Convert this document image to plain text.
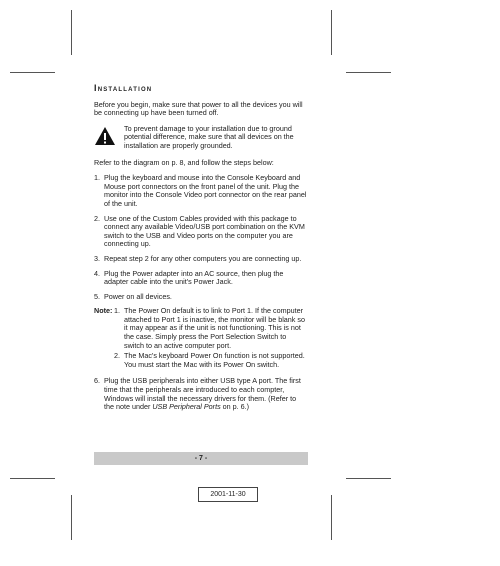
Installation

Before you begin, make sure that power to all the devices you will be connecting up have been turned off.

To prevent damage to your installation due to ground potential difference, make sure that all devices on the installation are properly grounded.

Refer to the diagram on p. 8, and follow the steps below:

1. Plug the keyboard and mouse into the Console Keyboard and Mouse port connectors on the front panel of the unit. Plug the monitor into the Console Video port connector on the rear panel of the unit.
2. Use one of the Custom Cables provided with this package to connect any available Video/USB port combination on the KVM switch to the USB and Video ports on the computer you are connecting up.
3. Repeat step 2 for any other computers you are connecting up.
4. Plug the Power adapter into an AC source, then plug the adapter cable into the unit's Power Jack.
5. Power on all devices.
Note: 1. The Power On default is to link to Port 1. If the computer attached to Port 1 is inactive, the monitor will be blank so it may appear as if the unit is not functioning. This is not the case. Simply press the Port Selection Switch to switch to an active computer port.
2. The Mac's keyboard Power On function is not supported. You must start the Mac with its Power On switch.
6. Plug the USB peripherals into either USB type A port. The first time that the peripherals are introduced to each compter, Windows will install the necessary drivers for them. (Refer to the note under USB Peripheral Ports on p. 6.)
- 7 -
2001-11-30
